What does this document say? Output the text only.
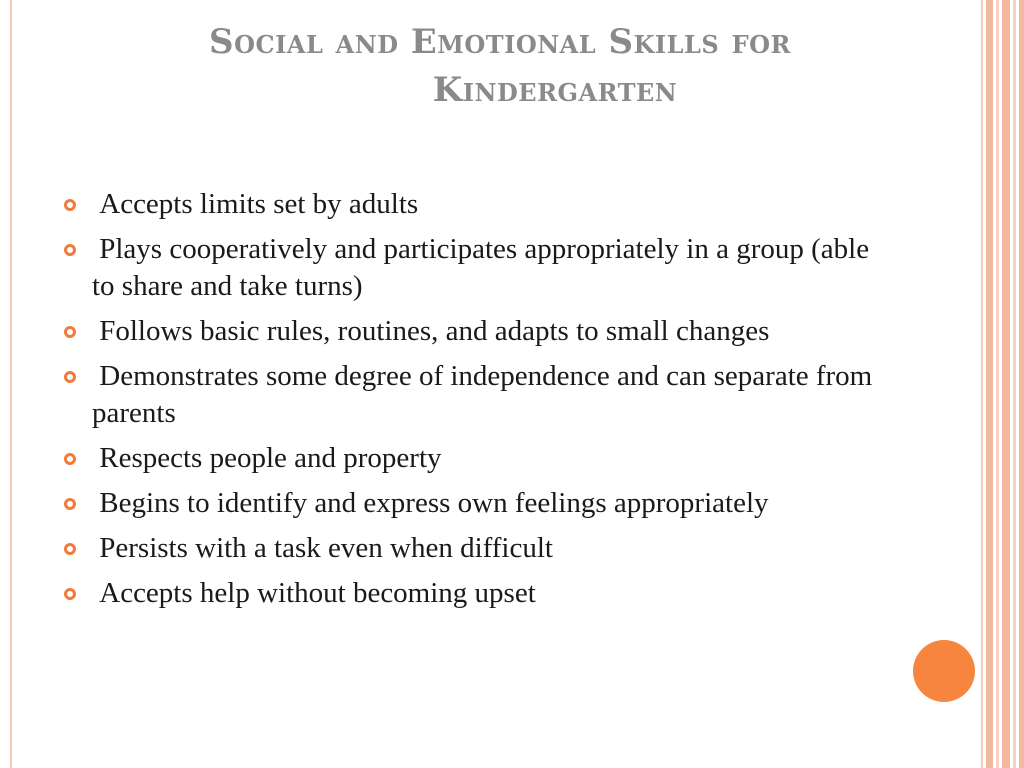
Social and Emotional Skills for
Kindergarten
Accepts limits set by adults
Plays cooperatively and participates appropriately in a group (able to share and take turns)
Follows basic rules, routines, and adapts to small changes
Demonstrates some degree of independence and can separate from parents
Respects people and property
Begins to identify and express own feelings appropriately
Persists with a task even when difficult
Accepts help without becoming upset
